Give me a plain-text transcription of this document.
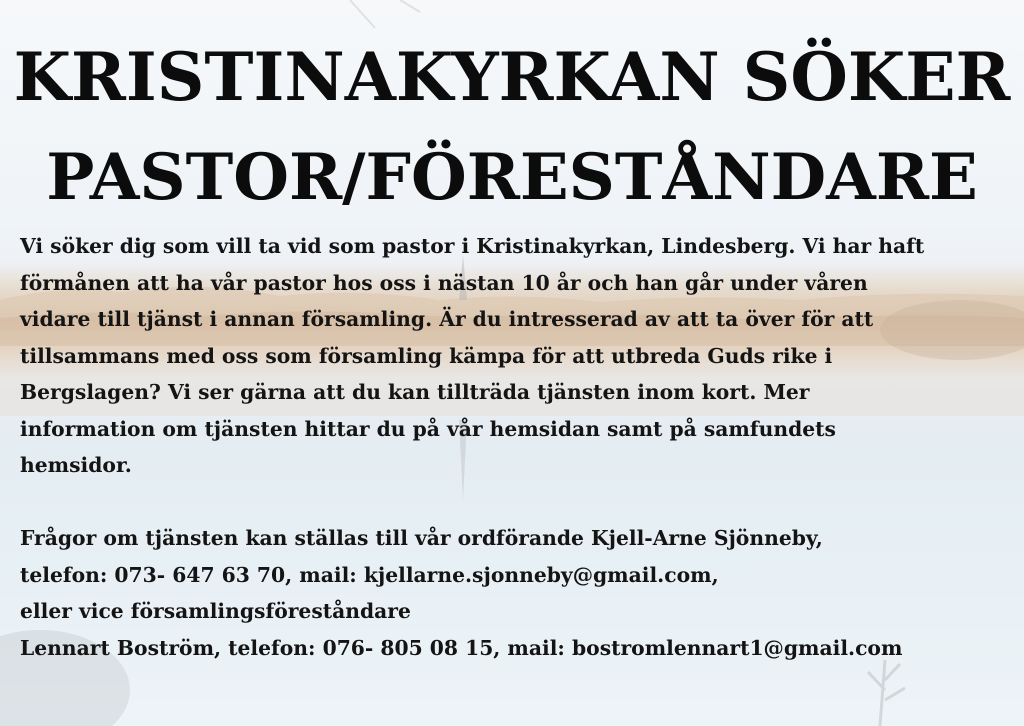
KRISTINAKYRKAN SÖKER
PASTOR/FÖRESTÅNDARE
Vi söker dig som vill ta vid som pastor i Kristinakyrkan, Lindesberg. Vi har haft
förmånen att ha vår pastor hos oss i nästan 10 år och han går under våren
vidare till tjänst i annan församling. Är du intresserad av att ta över för att
tillsammans med oss som församling kämpa för att utbreda Guds rike i
Bergslagen? Vi ser gärna att du kan tillträda tjänsten inom kort. Mer
information om tjänsten hittar du på vår hemsidan samt på samfundets
hemsidor.
Frågor om tjänsten kan ställas till vår ordförande Kjell-Arne Sjönneby,
telefon: 073- 647 63 70, mail: kjellarne.sjonneby@gmail.com,
eller vice församlingsföreståndare
Lennart Boström, telefon: 076- 805 08 15, mail: bostromlennart1@gmail.com
